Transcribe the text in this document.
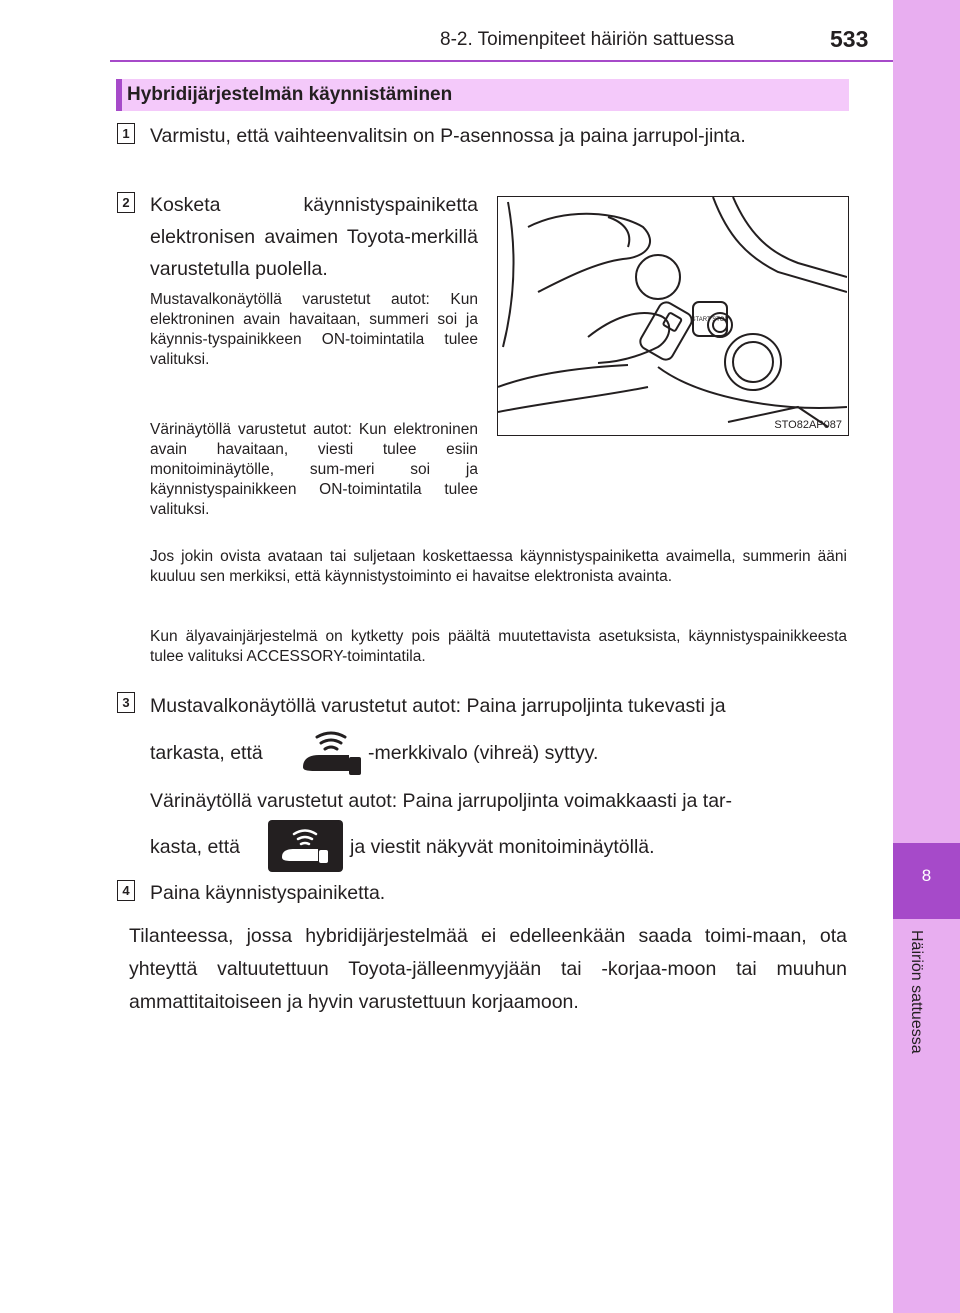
8
Häiriön sattuessa
8-2. Toimenpiteet häiriön sattuessa	533
Hybridijärjestelmän käynnistäminen
1 Varmistu, että vaihteenvalitsin on P-asennossa ja paina jarrupol-jinta.
2 Kosketa käynnistyspainiketta elektronisen avaimen Toyota-merkillä varustetulla puolella.
Mustavalkonäytöllä varustetut autot: Kun elektroninen avain havaitaan, summeri soi ja käynnis-tyspainikkeen ON-toimintatila tulee valituksi.
Värinäytöllä varustetut autot: Kun elektroninen avain havaitaan, viesti tulee esiin monitoiminäytölle, sum-meri soi ja käynnistyspainikkeen ON-toimintatila tulee valituksi.
START STOP
STO82AP087
Jos jokin ovista avataan tai suljetaan koskettaessa käynnistyspainiketta avaimella, summerin ääni kuuluu sen merkiksi, että käynnistystoiminto ei havaitse elektronista avainta.
Kun älyavainjärjestelmä on kytketty pois päältä muutettavista asetuksista, käynnistyspainikkeesta tulee valituksi ACCESSORY-toimintatila.
3 Mustavalkonäytöllä varustetut autot: Paina jarrupoljinta tukevasti ja
tarkasta, että	-merkkivalo (vihreä) syttyy.
Värinäytöllä varustetut autot: Paina jarrupoljinta voimakkaasti ja tar-
kasta, että	ja viestit näkyvät monitoiminäytöllä.
4 Paina käynnistyspainiketta.
Tilanteessa, jossa hybridijärjestelmää ei edelleenkään saada toimi-maan, ota yhteyttä valtuutettuun Toyota-jälleenmyyjään tai -korjaa-moon tai muuhun ammattitaitoiseen ja hyvin varustettuun korjaamoon.
